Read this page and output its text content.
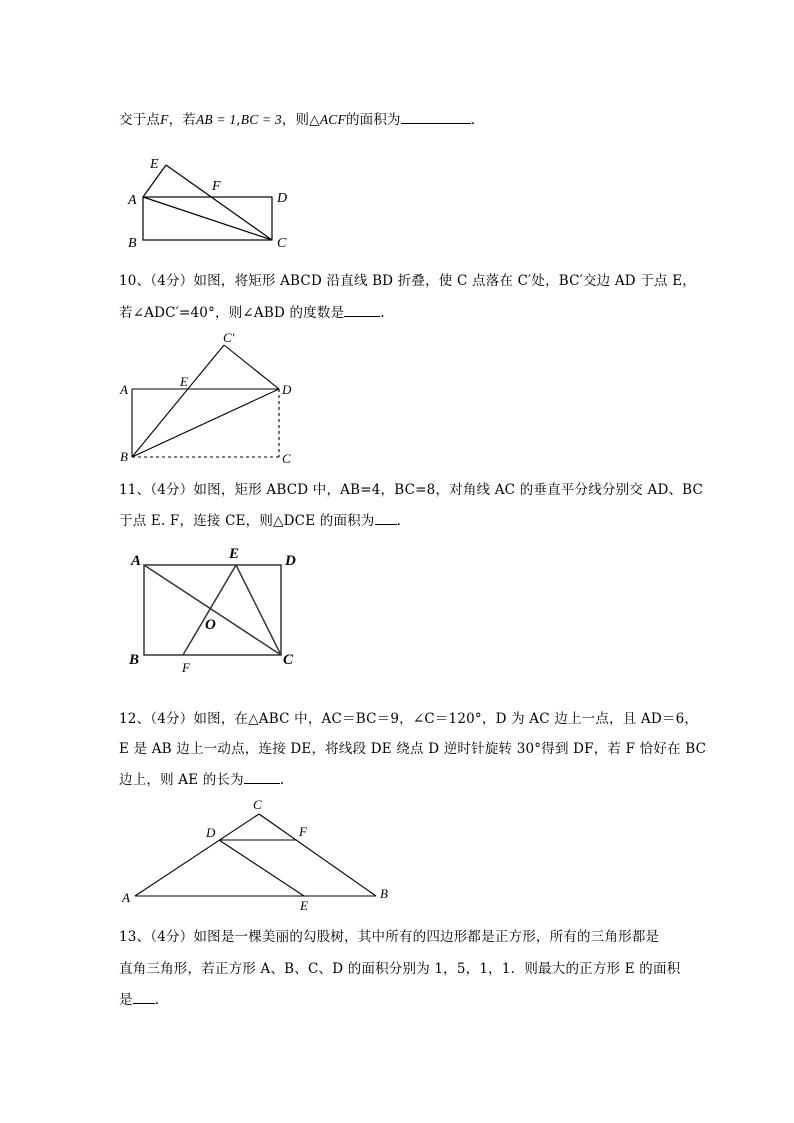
交于点F，若AB = 1,BC = 3，则△ACF的面积为	.
E
F
A	D
B	C
10、（4分）如图，将矩形 ABCD 沿直线 BD 折叠，使 C 点落在 C′处，BC′交边 AD 于点 E，
若∠ADC′=40°，则∠ABD 的度数是	.
C′
A
E
D
B	C
11、（4分）如图，矩形 ABCD 中，AB=4，BC=8，对角线 AC 的垂直平分线分别交 AD、BC
于点 E. F，连接 CE，则△DCE 的面积为 .
A	E	D
O
B	F	C
12、（4分）如图，在△ABC 中，AC＝BC＝9，∠C＝120°，D 为 AC 边上一点，且 AD＝6，
E 是 AB 边上一动点，连接 DE，将线段 DE 绕点 D 逆时针旋转 30°得到 DF，若 F 恰好在 BC
边上，则 AE 的长为	.
C
D	F
A
E
B
13、（4分）如图是一棵美丽的勾股树，其中所有的四边形都是正方形，所有的三角形都是
直角三角形，若正方形 A、B、C、D 的面积分别为 1，5，1，1．则最大的正方形 E 的面积
是 .
